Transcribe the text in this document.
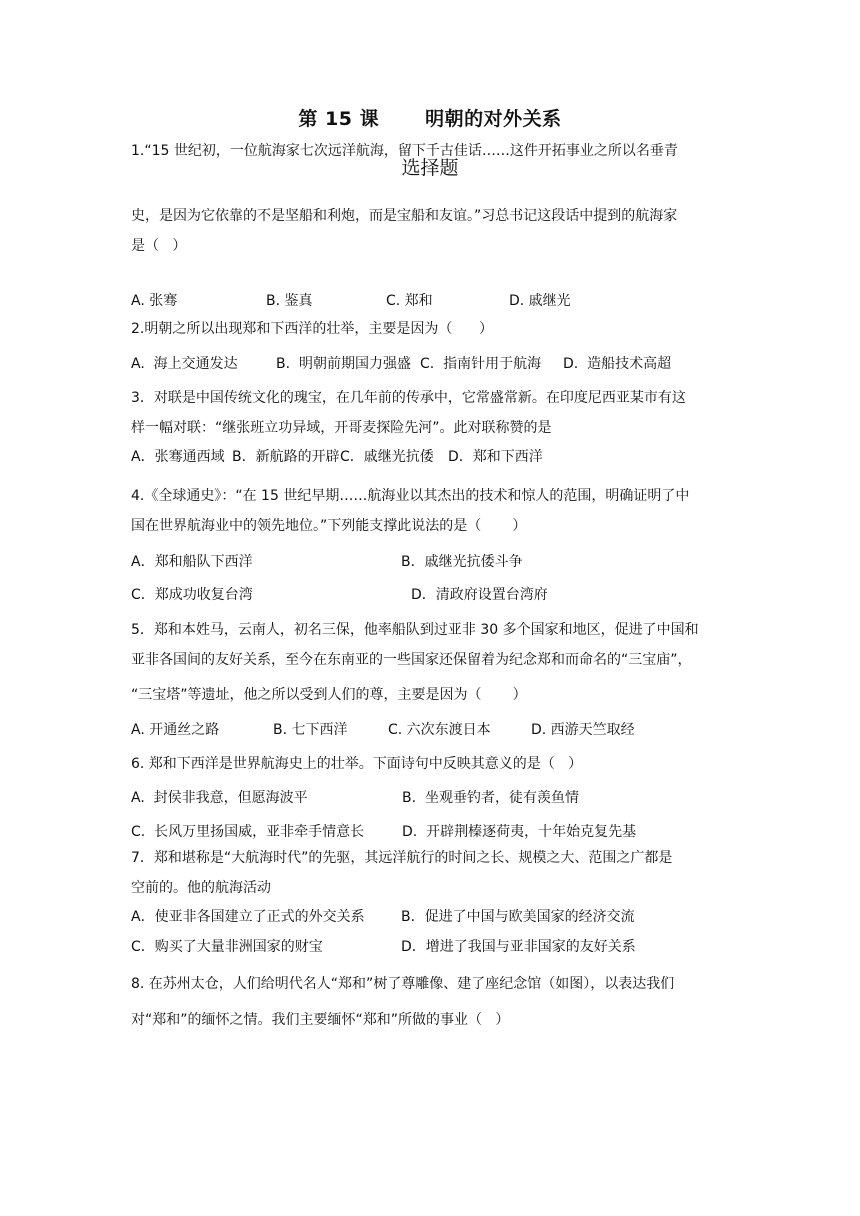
第 15 课 明朝的对外关系
选择题
1.“15 世纪初，一位航海家七次远洋航海，留下千古佳话……这件开拓事业之所以名垂青
史，是因为它依靠的不是坚船和利炮，而是宝船和友谊。”习总书记这段话中提到的航海家
是（   ）
A. 张骞	B. 鉴真	C. 郑和	D. 戚继光
2.明朝之所以出现郑和下西洋的壮举，主要是因为（      ）
A.  海上交通发达	B.  明朝前期国力强盛 C.  指南针用于航海 D.  造船技术高超
3．对联是中国传统文化的瑰宝，在几年前的传承中，它常盛常新。在印度尼西亚某市有这
样一幅对联：“继张班立功异域，开哥麦探险先河”。此对联称赞的是
A．张骞通西域 B．新航路的开辟 C．戚继光抗倭 D．郑和下西洋
4.《全球通史》：“在 15 世纪早期……航海业以其杰出的技术和惊人的范围，明确证明了中
国在世界航海业中的领先地位。”下列能支撑此说法的是（       ）
A．郑和船队下西洋	B．戚继光抗倭斗争
C．郑成功收复台湾	D．清政府设置台湾府
5．郑和本姓马，云南人，初名三保，他率船队到过亚非 30 多个国家和地区，促进了中国和
亚非各国间的友好关系，至今在东南亚的一些国家还保留着为纪念郑和而命名的“三宝庙”，
“三宝塔”等遗址，他之所以受到人们的尊，主要是因为（       ）
A. 开通丝之路	B. 七下西洋	C. 六次东渡日本	D. 西游天竺取经
6. 郑和下西洋是世界航海史上的壮举。下面诗句中反映其意义的是（   ）
A.  封侯非我意，但愿海波平	B.  坐观垂钓者，徒有羡鱼情
C.  长风万里扬国威，亚非牵手情意长	D.  开辟荆榛逐荷夷，十年始克复先基
7．郑和堪称是“大航海时代”的先驱，其远洋航行的时间之长、规模之大、范围之广都是
空前的。他的航海活动
A．使亚非各国建立了正式的外交关系	B．促进了中国与欧美国家的经济交流
C．购买了大量非洲国家的财宝	D．增进了我国与亚非国家的友好关系
8. 在苏州太仓，人们给明代名人“郑和”树了尊雕像、建了座纪念馆（如图），以表达我们
对“郑和”的缅怀之情。我们主要缅怀“郑和”所做的事业（   ）
